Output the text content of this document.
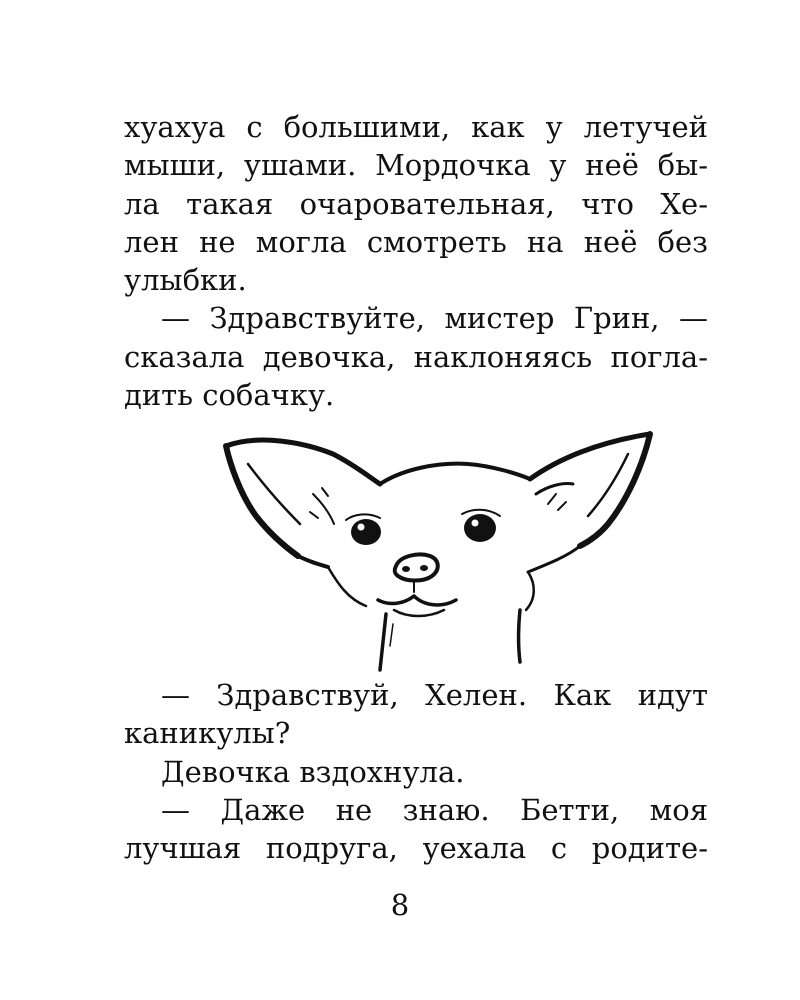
хуахуа с большими, как у летучей
мыши, ушами. Мордочка у неё бы-
ла такая очаровательная, что Хе-
лен не могла смотреть на неё без
улыбки.
— Здравствуйте, мистер Грин, —
сказала девочка, наклоняясь погла-
дить собачку.
— Здравствуй, Хелен. Как идут
каникулы?
Девочка вздохнула.
— Даже не знаю. Бетти, моя
лучшая подруга, уехала с родите-
8
